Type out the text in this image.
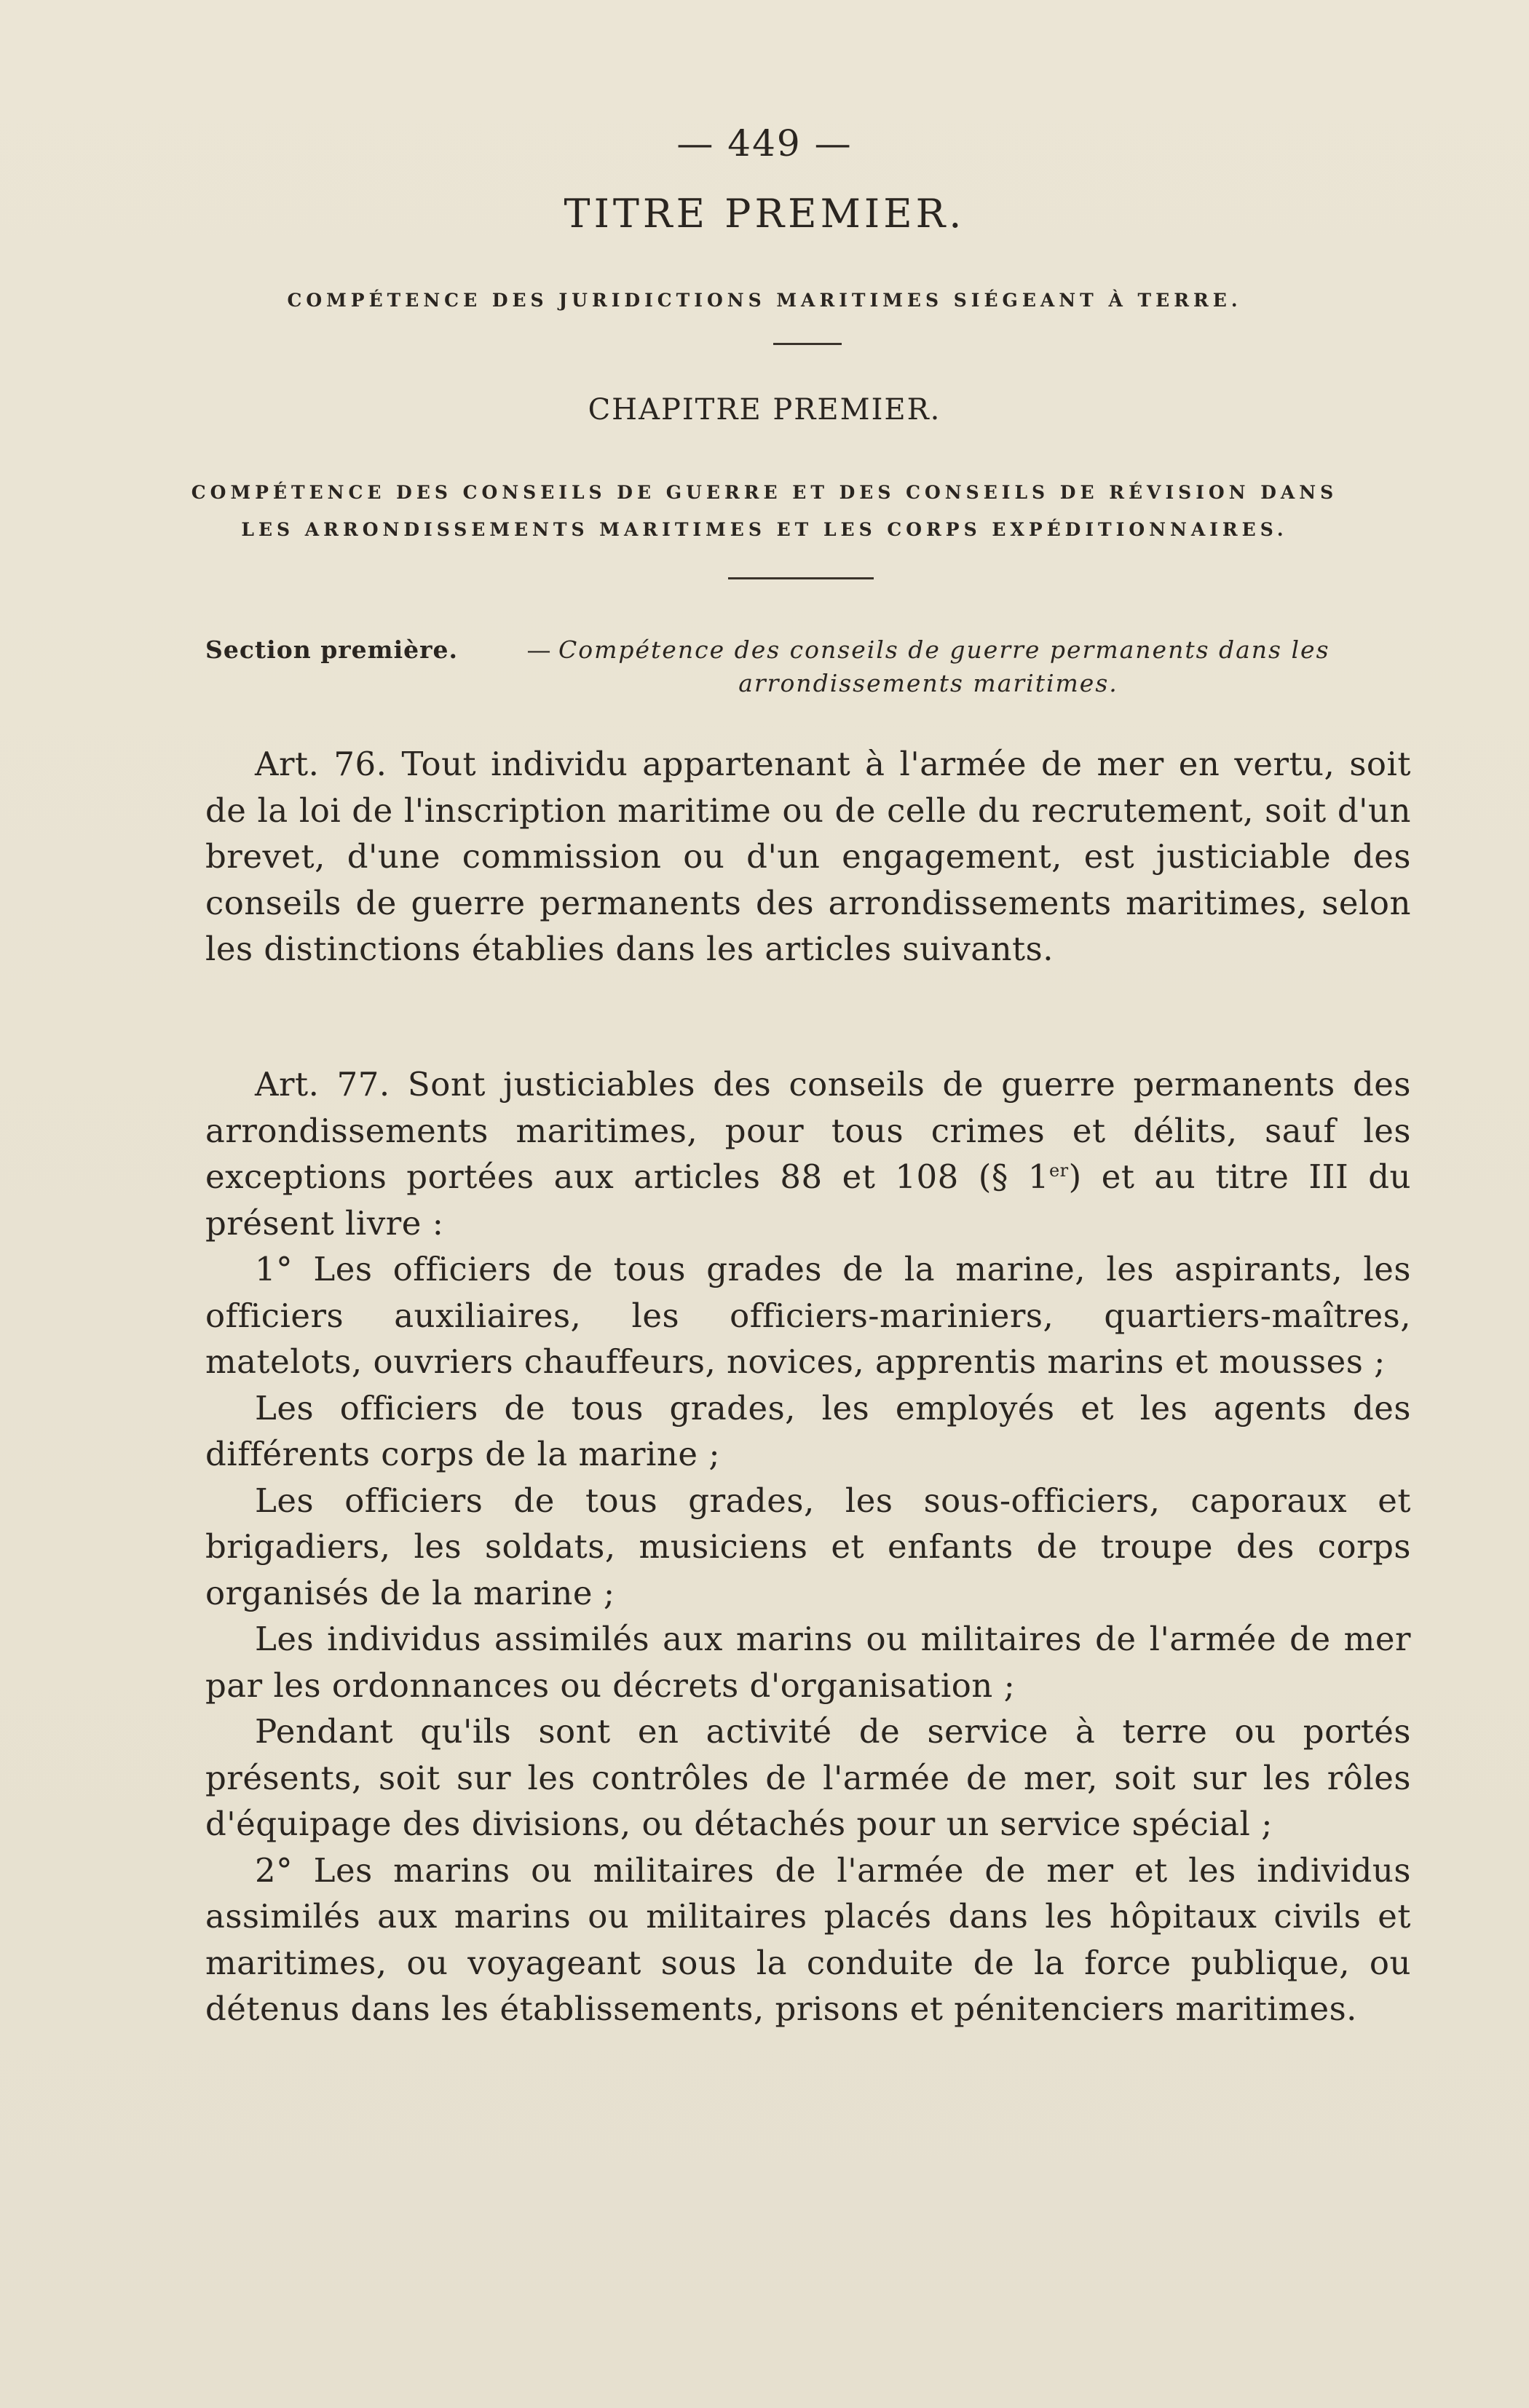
— 449 —
TITRE PREMIER.
COMPÉTENCE DES JURIDICTIONS MARITIMES SIÉGEANT À TERRE.
CHAPITRE PREMIER.
COMPÉTENCE DES CONSEILS DE GUERRE ET DES CONSEILS DE RÉVISION DANS
LES ARRONDISSEMENTS MARITIMES ET LES CORPS EXPÉDITIONNAIRES.
Section première.	— Compétence des conseils de guerre permanents dans les arrondissements maritimes.

Art. 76. Tout individu appartenant à l'armée de mer en vertu, soit de la loi de l'inscription maritime ou de celle du recrutement, soit d'un brevet, d'une commission ou d'un engagement, est justiciable des conseils de guerre permanents des arrondissements maritimes, selon les distinctions établies dans les articles suivants.

Art. 77. Sont justiciables des conseils de guerre permanents des arrondissements maritimes, pour tous crimes et délits, sauf les exceptions portées aux articles 88 et 108 (§ 1er) et au titre III du présent livre :

1° Les officiers de tous grades de la marine, les aspirants, les officiers auxiliaires, les officiers-mariniers, quartiers-maîtres, matelots, ouvriers chauffeurs, novices, apprentis marins et mousses ;

Les officiers de tous grades, les employés et les agents des différents corps de la marine ;

Les officiers de tous grades, les sous-officiers, caporaux et brigadiers, les soldats, musiciens et enfants de troupe des corps organisés de la marine ;

Les individus assimilés aux marins ou militaires de l'armée de mer par les ordonnances ou décrets d'organisation ;

Pendant qu'ils sont en activité de service à terre ou portés présents, soit sur les contrôles de l'armée de mer, soit sur les rôles d'équipage des divisions, ou détachés pour un service spécial ;

2° Les marins ou militaires de l'armée de mer et les individus assimilés aux marins ou militaires placés dans les hôpitaux civils et maritimes, ou voyageant sous la conduite de la force publique, ou détenus dans les établissements, prisons et pénitenciers maritimes.
